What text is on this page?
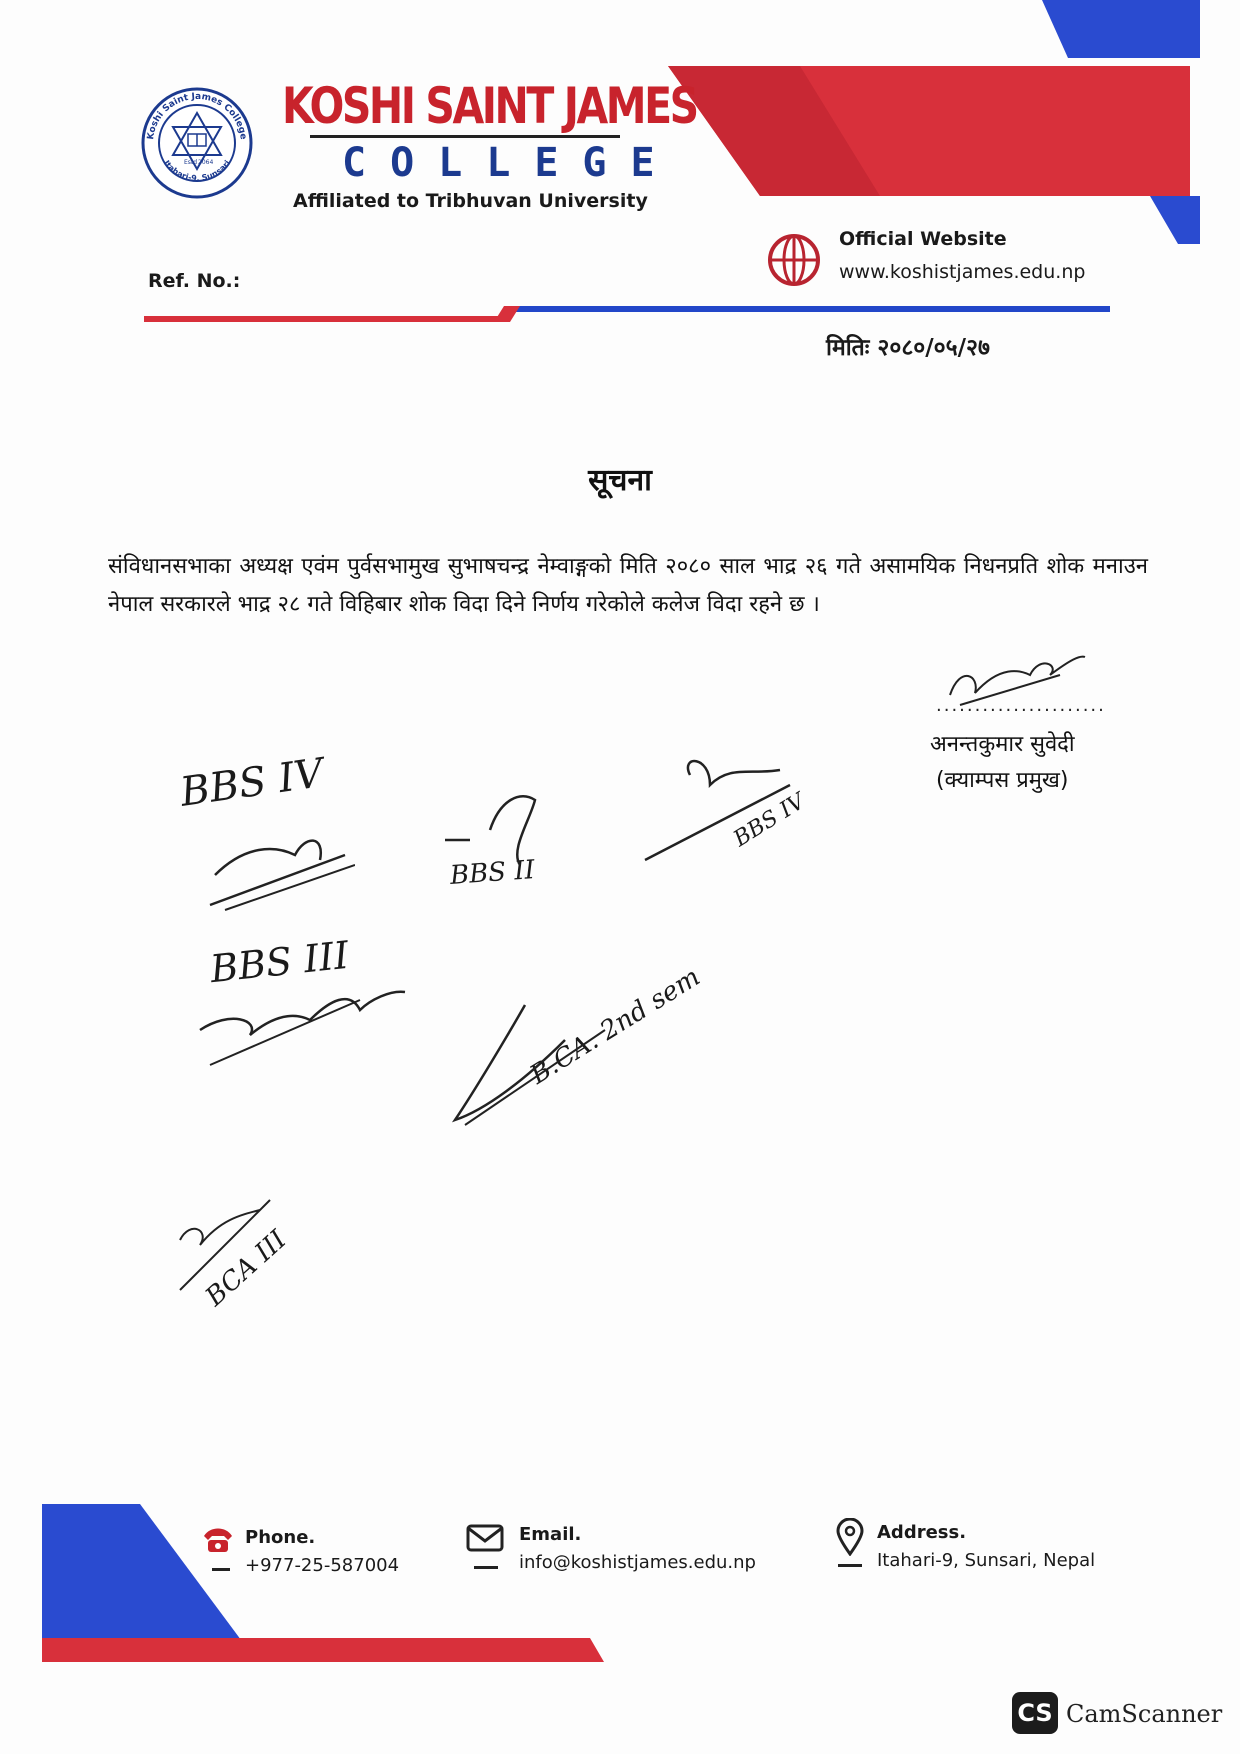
Koshi Saint James College
Itahari-9, Sunsari
Estd 2064
KOSHI SAINT JAMES
COLLEGE
Affiliated to Tribhuvan University
Ref. No.:
Official Website
www.koshistjames.edu.np
मितिः २०८०/०५/२७
सूचना
संविधानसभाका अध्यक्ष एवंम पुर्वसभामुख सुभाषचन्द्र नेम्वाङ्गको मिति २०८० साल भाद्र २६ गते असामयिक निधनप्रति शोक मनाउन नेपाल सरकारले भाद्र २८ गते विहिबार शोक विदा दिने निर्णय गरेकोले कलेज विदा रहने छ ।
......................
अनन्तकुमार सुवेदी
(क्याम्पस प्रमुख)
BBS IV
BBS II
BBS IV
BBS III
B.CA. 2nd sem
BCA III
Phone.
+977-25-587004
Email.
info@koshistjames.edu.np
Address.
Itahari-9, Sunsari, Nepal
CS CamScanner
